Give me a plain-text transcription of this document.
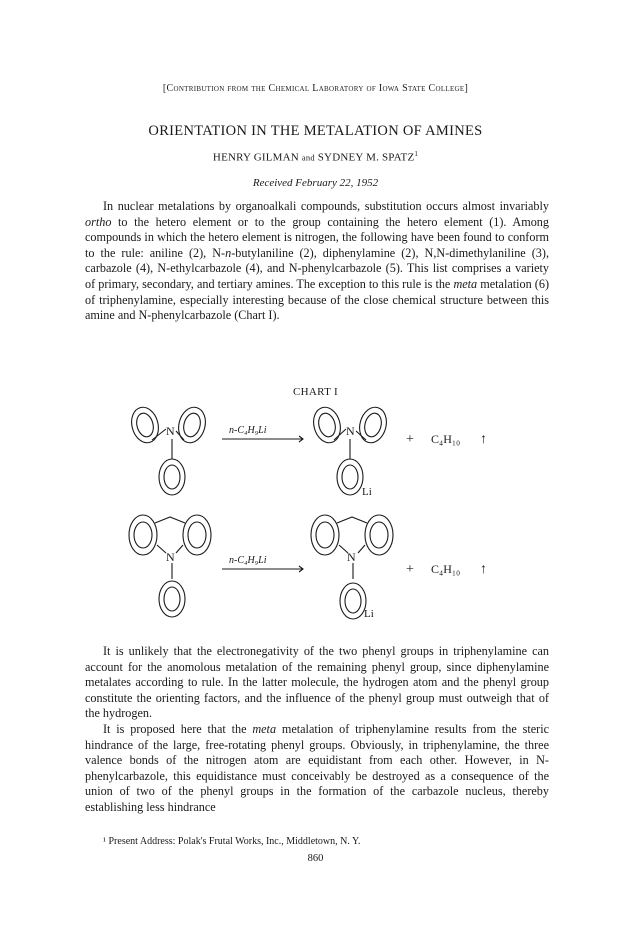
[Contribution from the Chemical Laboratory of Iowa State College]
ORIENTATION IN THE METALATION OF AMINES
HENRY GILMAN and SYDNEY M. SPATZ$^1$
Received February 22, 1952
In nuclear metalations by organoalkali compounds, substitution occurs almost invariably ortho to the hetero element or to the group containing the hetero element (1). Among compounds in which the hetero element is nitrogen, the following have been found to conform to the rule: aniline (2), N-n-butylaniline (2), diphenylamine (2), N,N-dimethylaniline (3), carbazole (4), N-ethylcarbazole (4), and N-phenylcarbazole (5). This list comprises a variety of primary, secondary, and tertiary amines. The exception to this rule is the meta metalation (6) of triphenylamine, especially interesting because of the close chemical structure between this amine and N-phenylcarbazole (Chart I).
CHART I
N	n-C₄H₉Li	N
Li
+ C₄H₁₀ ↑
N	n-C₄H₉Li	N
Li
+ C₄H₁₀ ↑
It is unlikely that the electronegativity of the two phenyl groups in triphenylamine can account for the anomolous metalation of the remaining phenyl group, since diphenylamine metalates according to rule. In the latter molecule, the hydrogen atom and the phenyl group constitute the orienting factors, and the influence of the phenyl group must outweigh that of the hydrogen.
It is proposed here that the meta metalation of triphenylamine results from the steric hindrance of the large, free-rotating phenyl groups. Obviously, in triphenylamine, the three valence bonds of the nitrogen atom are equidistant from each other. However, in N-phenylcarbazole, this equidistance must conceivably be destroyed as a consequence of the union of two of the phenyl groups in the formation of the carbazole nucleus, thereby establishing less hindrance
¹ Present Address: Polak's Frutal Works, Inc., Middletown, N. Y.
860
